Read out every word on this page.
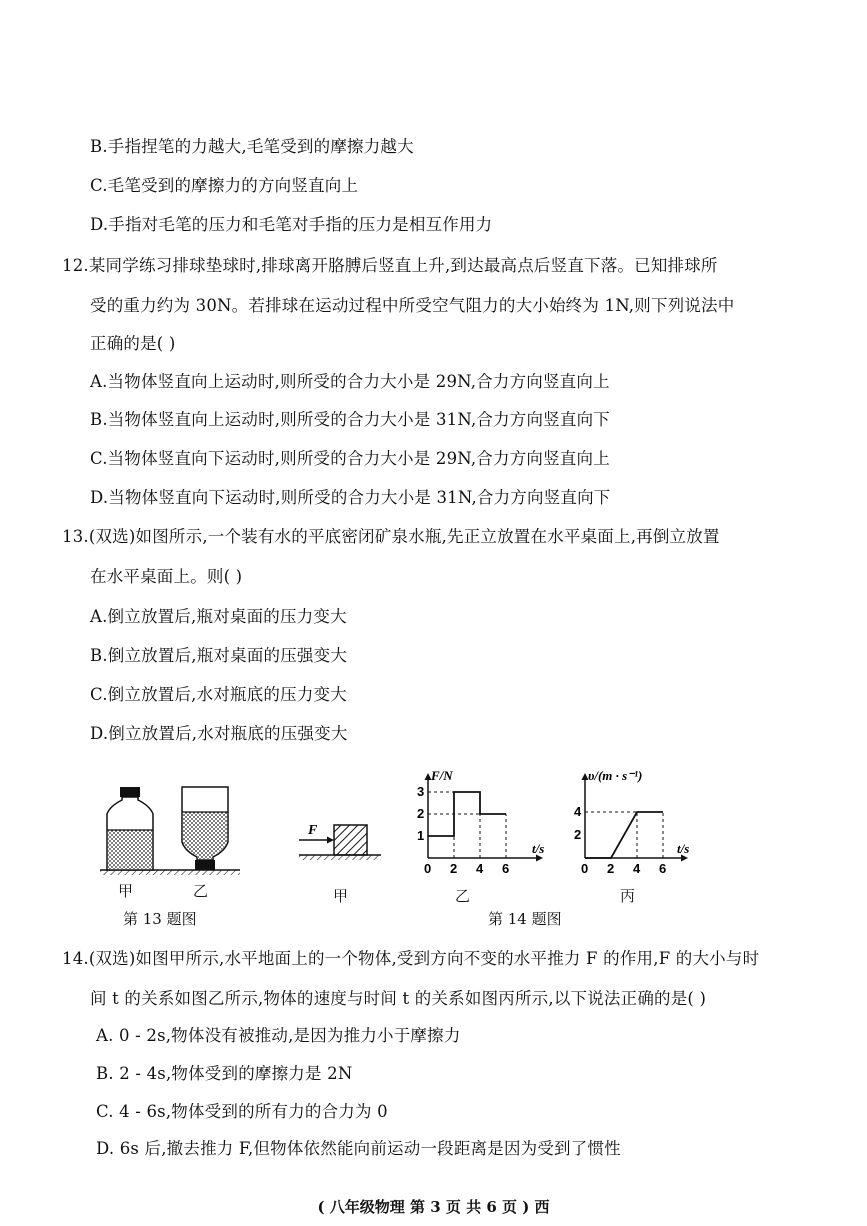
B.手指捏笔的力越大,毛笔受到的摩擦力越大
C.毛笔受到的摩擦力的方向竖直向上
D.手指对毛笔的压力和毛笔对手指的压力是相互作用力
12.某同学练习排球垫球时,排球离开胳膊后竖直上升,到达最高点后竖直下落。已知排球所
受的重力约为 30N。若排球在运动过程中所受空气阻力的大小始终为 1N,则下列说法中
正确的是( )
A.当物体竖直向上运动时,则所受的合力大小是 29N,合力方向竖直向上
B.当物体竖直向上运动时,则所受的合力大小是 31N,合力方向竖直向下
C.当物体竖直向下运动时,则所受的合力大小是 29N,合力方向竖直向上
D.当物体竖直向下运动时,则所受的合力大小是 31N,合力方向竖直向下
13.(双选)如图所示,一个装有水的平底密闭矿泉水瓶,先正立放置在水平桌面上,再倒立放置
在水平桌面上。则( )
A.倒立放置后,瓶对桌面的压力变大
B.倒立放置后,瓶对桌面的压强变大
C.倒立放置后,水对瓶底的压力变大
D.倒立放置后,水对瓶底的压强变大
甲	乙
第 13 题图
F
甲
F/N
t/s
0 2 4 6
3
2
1
乙
υ/(m · s⁻¹)
t/s
0 2 4 6
4
2
丙
第 14 题图
14.(双选)如图甲所示,水平地面上的一个物体,受到方向不变的水平推力 F 的作用,F 的大小与时
间 t 的关系如图乙所示,物体的速度与时间 t 的关系如图丙所示,以下说法正确的是( )
A. 0 - 2s,物体没有被推动,是因为推力小于摩擦力
B. 2 - 4s,物体受到的摩擦力是 2N
C. 4 - 6s,物体受到的所有力的合力为 0
D. 6s 后,撤去推力 F,但物体依然能向前运动一段距离是因为受到了惯性
( 八年级物理 第 3 页 共 6 页 ) 西
